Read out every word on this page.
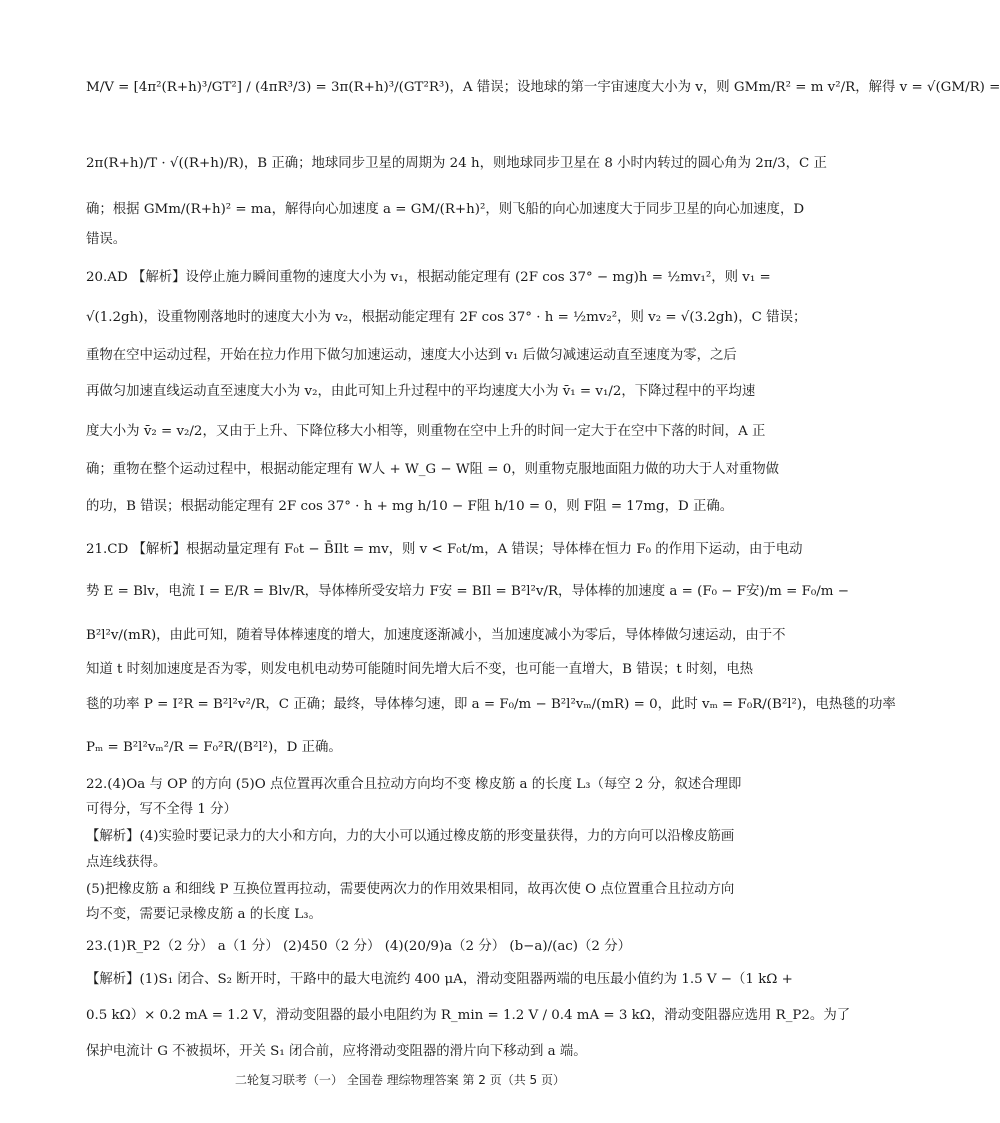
M/V = [4π²(R+h)³/GT²] / (4πR³/3) = 3π(R+h)³/(GT²R³)，A 错误；设地球的第一宇宙速度大小为 v，则 GMm/R² = m v²/R，解得 v = √(GM/R) =
2π(R+h)/T · √((R+h)/R)，B 正确；地球同步卫星的周期为 24 h，则地球同步卫星在 8 小时内转过的圆心角为 2π/3，C 正
确；根据 GMm/(R+h)² = ma，解得向心加速度 a = GM/(R+h)²，则飞船的向心加速度大于同步卫星的向心加速度，D
错误。
20.AD 【解析】设停止施力瞬间重物的速度大小为 v₁，根据动能定理有 (2F cos 37° − mg)h = ½mv₁²，则 v₁ =
√(1.2gh)，设重物刚落地时的速度大小为 v₂，根据动能定理有 2F cos 37° · h = ½mv₂²，则 v₂ = √(3.2gh)，C 错误；
重物在空中运动过程，开始在拉力作用下做匀加速运动，速度大小达到 v₁ 后做匀减速运动直至速度为零，之后
再做匀加速直线运动直至速度大小为 v₂，由此可知上升过程中的平均速度大小为 v̄₁ = v₁/2，下降过程中的平均速
度大小为 v̄₂ = v₂/2，又由于上升、下降位移大小相等，则重物在空中上升的时间一定大于在空中下落的时间，A 正
确；重物在整个运动过程中，根据动能定理有 W人 + W_G − W阻 = 0，则重物克服地面阻力做的功大于人对重物做
的功，B 错误；根据动能定理有 2F cos 37° · h + mg h/10 − F阻 h/10 = 0，则 F阻 = 17mg，D 正确。
21.CD 【解析】根据动量定理有 F₀t − B̄Ilt = mv，则 v < F₀t/m，A 错误；导体棒在恒力 F₀ 的作用下运动，由于电动
势 E = Blv，电流 I = E/R = Blv/R，导体棒所受安培力 F安 = BIl = B²l²v/R，导体棒的加速度 a = (F₀ − F安)/m = F₀/m −
B²l²v/(mR)，由此可知，随着导体棒速度的增大，加速度逐渐减小，当加速度减小为零后，导体棒做匀速运动，由于不
知道 t 时刻加速度是否为零，则发电机电动势可能随时间先增大后不变，也可能一直增大，B 错误；t 时刻，电热
毯的功率 P = I²R = B²l²v²/R，C 正确；最终，导体棒匀速，即 a = F₀/m − B²l²vₘ/(mR) = 0，此时 vₘ = F₀R/(B²l²)，电热毯的功率
Pₘ = B²l²vₘ²/R = F₀²R/(B²l²)，D 正确。
22.(4)Oa 与 OP 的方向 (5)O 点位置再次重合且拉动方向均不变 橡皮筋 a 的长度 L₃（每空 2 分，叙述合理即
可得分，写不全得 1 分）
【解析】(4)实验时要记录力的大小和方向，力的大小可以通过橡皮筋的形变量获得，力的方向可以沿橡皮筋画
点连线获得。
(5)把橡皮筋 a 和细线 P 互换位置再拉动，需要使两次力的作用效果相同，故再次使 O 点位置重合且拉动方向
均不变，需要记录橡皮筋 a 的长度 L₃。
23.(1)R_P2（2 分） a（1 分） (2)450（2 分） (4)(20/9)a（2 分） (b−a)/(ac)（2 分）
【解析】(1)S₁ 闭合、S₂ 断开时，干路中的最大电流约 400 μA，滑动变阻器两端的电压最小值约为 1.5 V −（1 kΩ +
0.5 kΩ）× 0.2 mA = 1.2 V，滑动变阻器的最小电阻约为 R_min = 1.2 V / 0.4 mA = 3 kΩ，滑动变阻器应选用 R_P2。为了
保护电流计 G 不被损坏，开关 S₁ 闭合前，应将滑动变阻器的滑片向下移动到 a 端。
二轮复习联考（一） 全国卷 理综物理答案 第 2 页（共 5 页）
